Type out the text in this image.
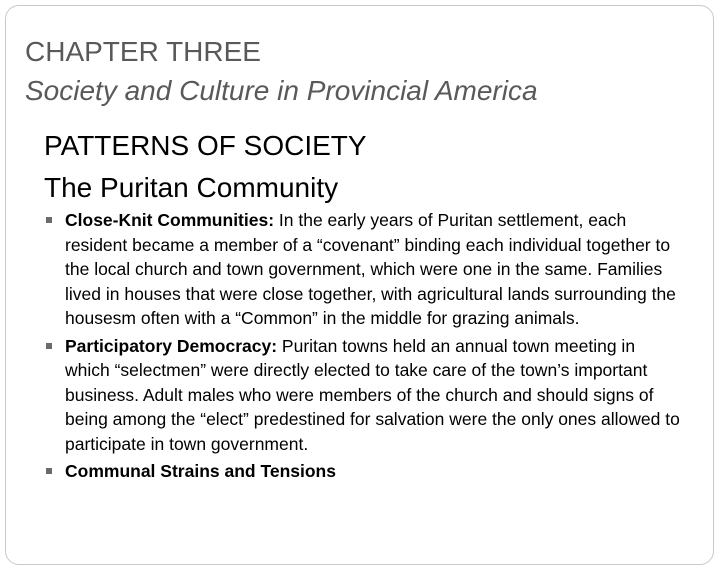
CHAPTER THREE
Society and Culture in Provincial America
PATTERNS OF SOCIETY
The Puritan Community
Close-Knit Communities: In the early years of Puritan settlement, each resident became a member of a “covenant” binding each individual together to the local church and town government, which were one in the same. Families lived in houses that were close together, with agricultural lands surrounding the housesm often with a “Common” in the middle for grazing animals.
Participatory Democracy: Puritan towns held an annual town meeting in which “selectmen” were directly elected to take care of the town’s important business. Adult males who were members of the church and should signs of being among the “elect” predestined for salvation were the only ones allowed to participate in town government.
Communal Strains and Tensions
